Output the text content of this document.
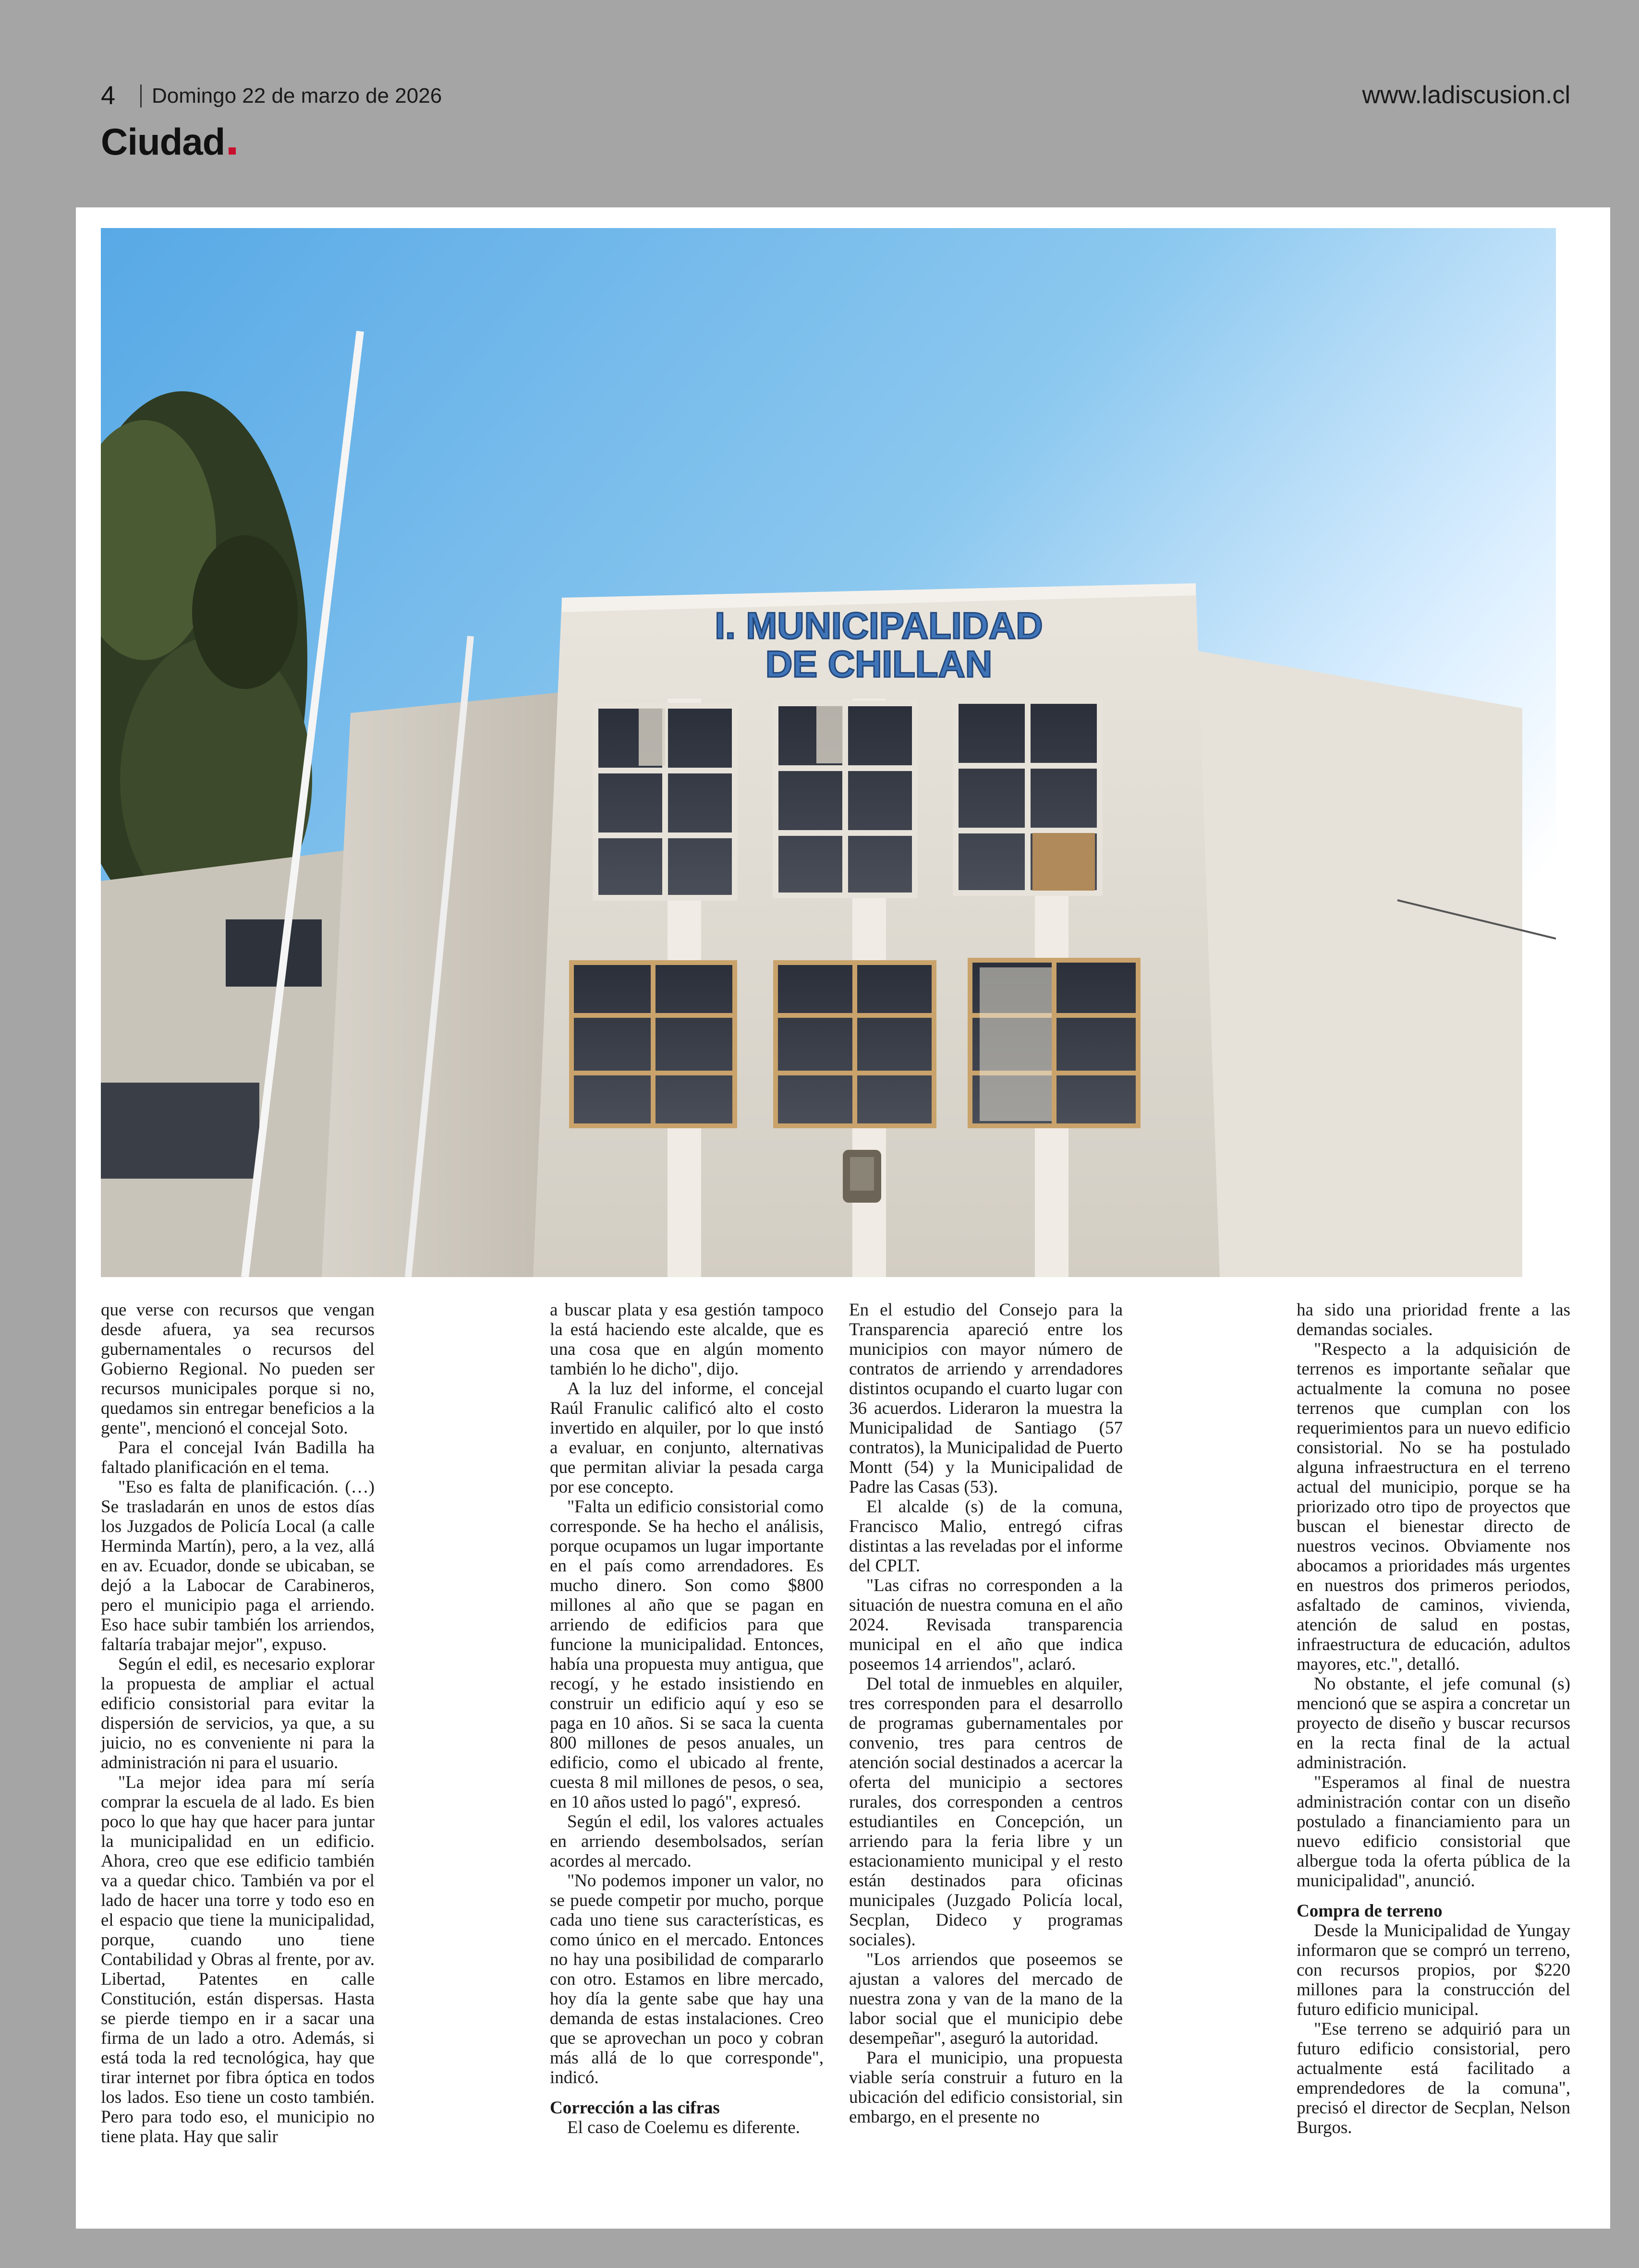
4 Domingo 22 de marzo de 2026	www.ladiscusion.cl
Ciudad
I. MUNICIPALIDAD
DE CHILLAN

que verse con recursos que vengan desde afuera, ya sea recursos gubernamentales o recursos del Gobierno Regional. No pueden ser recursos municipales porque si no, quedamos sin entregar beneficios a la gente", mencionó el concejal Soto.

Para el concejal Iván Badilla ha faltado planificación en el tema.

"Eso es falta de planificación. (…) Se trasladarán en unos de estos días los Juzgados de Policía Local (a calle Herminda Martín), pero, a la vez, allá en av. Ecuador, donde se ubicaban, se dejó a la Labocar de Carabineros, pero el municipio paga el arriendo. Eso hace subir también los arriendos, faltaría trabajar mejor", expuso.

Según el edil, es necesario explorar la propuesta de ampliar el actual edificio consistorial para evitar la dispersión de servicios, ya que, a su juicio, no es conveniente ni para la administración ni para el usuario.

"La mejor idea para mí sería comprar la escuela de al lado. Es bien poco lo que hay que hacer para juntar la municipalidad en un edificio. Ahora, creo que ese edificio también va a quedar chico. También va por el lado de hacer una torre y todo eso en el espacio que tiene la municipalidad, porque, cuando uno tiene Contabilidad y Obras al frente, por av. Libertad, Patentes en calle Constitución, están dispersas. Hasta se pierde tiempo en ir a sacar una firma de un lado a otro. Además, si está toda la red tecnológica, hay que tirar internet por fibra óptica en todos los lados. Eso tiene un costo también. Pero para todo eso, el municipio no tiene plata. Hay que salir

a buscar plata y esa gestión tampoco la está haciendo este alcalde, que es una cosa que en algún momento también lo he dicho", dijo.

A la luz del informe, el concejal Raúl Franulic calificó alto el costo invertido en alquiler, por lo que instó a evaluar, en conjunto, alternativas que permitan aliviar la pesada carga por ese concepto.

"Falta un edificio consistorial como corresponde. Se ha hecho el análisis, porque ocupamos un lugar importante en el país como arrendadores. Es mucho dinero. Son como $800 millones al año que se pagan en arriendo de edificios para que funcione la municipalidad. Entonces, había una propuesta muy antigua, que recogí, y he estado insistiendo en construir un edificio aquí y eso se paga en 10 años. Si se saca la cuenta 800 millones de pesos anuales, un edificio, como el ubicado al frente, cuesta 8 mil millones de pesos, o sea, en 10 años usted lo pagó", expresó.

Según el edil, los valores actuales en arriendo desembolsados, serían acordes al mercado.

"No podemos imponer un valor, no se puede competir por mucho, porque cada uno tiene sus características, es como único en el mercado. Entonces no hay una posibilidad de compararlo con otro. Estamos en libre mercado, hoy día la gente sabe que hay una demanda de estas instalaciones. Creo que se aprovechan un poco y cobran más allá de lo que corresponde", indicó.

Corrección a las cifras

El caso de Coelemu es diferente.

En el estudio del Consejo para la Transparencia apareció entre los municipios con mayor número de contratos de arriendo y arrendadores distintos ocupando el cuarto lugar con 36 acuerdos. Lideraron la muestra la Municipalidad de Santiago (57 contratos), la Municipalidad de Puerto Montt (54) y la Municipalidad de Padre las Casas (53).

El alcalde (s) de la comuna, Francisco Malio, entregó cifras distintas a las reveladas por el informe del CPLT.

"Las cifras no corresponden a la situación de nuestra comuna en el año 2024. Revisada transparencia municipal en el año que indica poseemos 14 arriendos", aclaró.

Del total de inmuebles en alquiler, tres corresponden para el desarrollo de programas gubernamentales por convenio, tres para centros de atención social destinados a acercar la oferta del municipio a sectores rurales, dos corresponden a centros estudiantiles en Concepción, un arriendo para la feria libre y un estacionamiento municipal y el resto están destinados para oficinas municipales (Juzgado Policía local, Secplan, Dideco y programas sociales).

"Los arriendos que poseemos se ajustan a valores del mercado de nuestra zona y van de la mano de la labor social que el municipio debe desempeñar", aseguró la autoridad.

Para el municipio, una propuesta viable sería construir a futuro en la ubicación del edificio consistorial, sin embargo, en el presente no

ha sido una prioridad frente a las demandas sociales.

"Respecto a la adquisición de terrenos es importante señalar que actualmente la comuna no posee terrenos que cumplan con los requerimientos para un nuevo edificio consistorial. No se ha postulado alguna infraestructura en el terreno actual del municipio, porque se ha priorizado otro tipo de proyectos que buscan el bienestar directo de nuestros vecinos. Obviamente nos abocamos a prioridades más urgentes en nuestros dos primeros periodos, asfaltado de caminos, vivienda, atención de salud en postas, infraestructura de educación, adultos mayores, etc.", detalló.

No obstante, el jefe comunal (s) mencionó que se aspira a concretar un proyecto de diseño y buscar recursos en la recta final de la actual administración.

"Esperamos al final de nuestra administración contar con un diseño postulado a financiamiento para un nuevo edificio consistorial que albergue toda la oferta pública de la municipalidad", anunció.

Compra de terreno

Desde la Municipalidad de Yungay informaron que se compró un terreno, con recursos propios, por $220 millones para la construcción del futuro edificio municipal.

"Ese terreno se adquirió para un futuro edificio consistorial, pero actualmente está facilitado a emprendedores de la comuna", precisó el director de Secplan, Nelson Burgos.
